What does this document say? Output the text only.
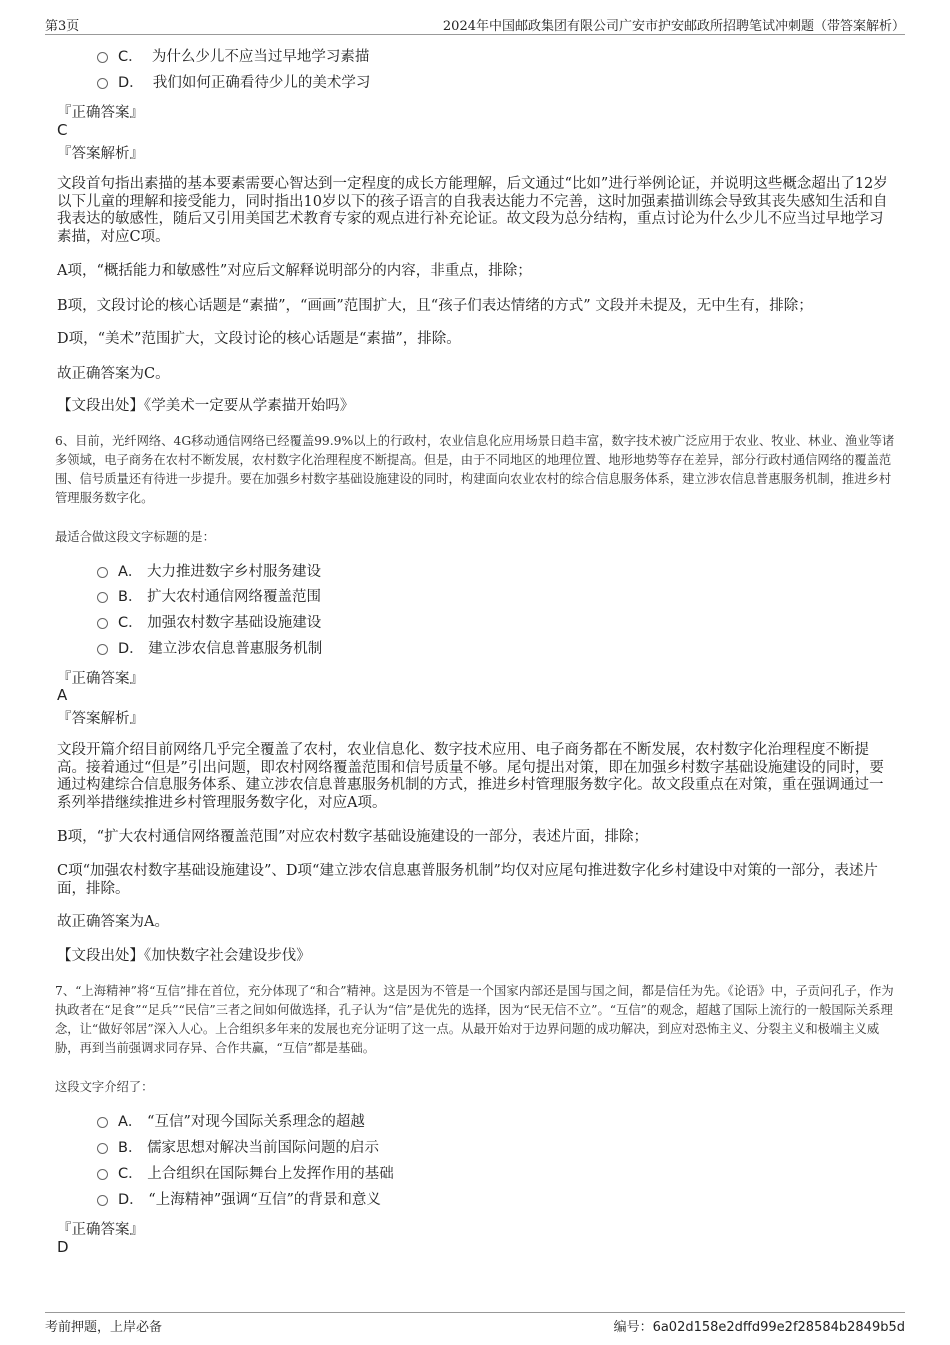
第3页	2024年中国邮政集团有限公司广安市护安邮政所招聘笔试冲刺题（带答案解析）
C． 为什么少儿不应当过早地学习素描
D． 我们如何正确看待少儿的美术学习
『正确答案』
C
『答案解析』
文段首句指出素描的基本要素需要心智达到一定程度的成长方能理解，后文通过“比如”进行举例论证，并说明这些概念超出了12岁以下儿童的理解和接受能力，同时指出10岁以下的孩子语言的自我表达能力不完善，这时加强素描训练会导致其丧失感知生活和自我表达的敏感性，随后又引用美国艺术教育专家的观点进行补充论证。故文段为总分结构，重点讨论为什么少儿不应当过早地学习素描，对应C项。
A项，“概括能力和敏感性”对应后文解释说明部分的内容，非重点，排除；
B项，文段讨论的核心话题是“素描”，“画画”范围扩大，且“孩子们表达情绪的方式” 文段并未提及，无中生有，排除；
D项，“美术”范围扩大，文段讨论的核心话题是“素描”，排除。
故正确答案为C。
【文段出处】《学美术一定要从学素描开始吗》
6、目前，光纤网络、4G移动通信网络已经覆盖99.9%以上的行政村，农业信息化应用场景日趋丰富，数字技术被广泛应用于农业、牧业、林业、渔业等诸多领域，电子商务在农村不断发展，农村数字化治理程度不断提高。但是，由于不同地区的地理位置、地形地势等存在差异，部分行政村通信网络的覆盖范围、信号质量还有待进一步提升。要在加强乡村数字基础设施建设的同时，构建面向农业农村的综合信息服务体系，建立涉农信息普惠服务机制，推进乡村管理服务数字化。
最适合做这段文字标题的是：
A． 大力推进数字乡村服务建设
B． 扩大农村通信网络覆盖范围
C． 加强农村数字基础设施建设
D． 建立涉农信息普惠服务机制
『正确答案』
A
『答案解析』
文段开篇介绍目前网络几乎完全覆盖了农村，农业信息化、数字技术应用、电子商务都在不断发展，农村数字化治理程度不断提高。接着通过“但是”引出问题，即农村网络覆盖范围和信号质量不够。尾句提出对策，即在加强乡村数字基础设施建设的同时，要通过构建综合信息服务体系、建立涉农信息普惠服务机制的方式，推进乡村管理服务数字化。故文段重点在对策，重在强调通过一系列举措继续推进乡村管理服务数字化，对应A项。
B项，“扩大农村通信网络覆盖范围”对应农村数字基础设施建设的一部分，表述片面，排除；
C项“加强农村数字基础设施建设”、D项“建立涉农信息惠普服务机制”均仅对应尾句推进数字化乡村建设中对策的一部分，表述片面，排除。
故正确答案为A。
【文段出处】《加快数字社会建设步伐》
7、“上海精神”将“互信”排在首位，充分体现了“和合”精神。这是因为不管是一个国家内部还是国与国之间，都是信任为先。《论语》中，子贡问孔子，作为执政者在“足食”“足兵”“民信”三者之间如何做选择，孔子认为“信”是优先的选择，因为“民无信不立”。“互信”的观念，超越了国际上流行的一般国际关系理念，让“做好邻居”深入人心。上合组织多年来的发展也充分证明了这一点。从最开始对于边界问题的成功解决，到应对恐怖主义、分裂主义和极端主义威胁，再到当前强调求同存异、合作共赢，“互信”都是基础。
这段文字介绍了：
A． “互信”对现今国际关系理念的超越
B． 儒家思想对解决当前国际问题的启示
C． 上合组织在国际舞台上发挥作用的基础
D． “上海精神”强调“互信”的背景和意义
『正确答案』
D
考前押题，上岸必备	编号：6a02d158e2dffd99e2f28584b2849b5d
